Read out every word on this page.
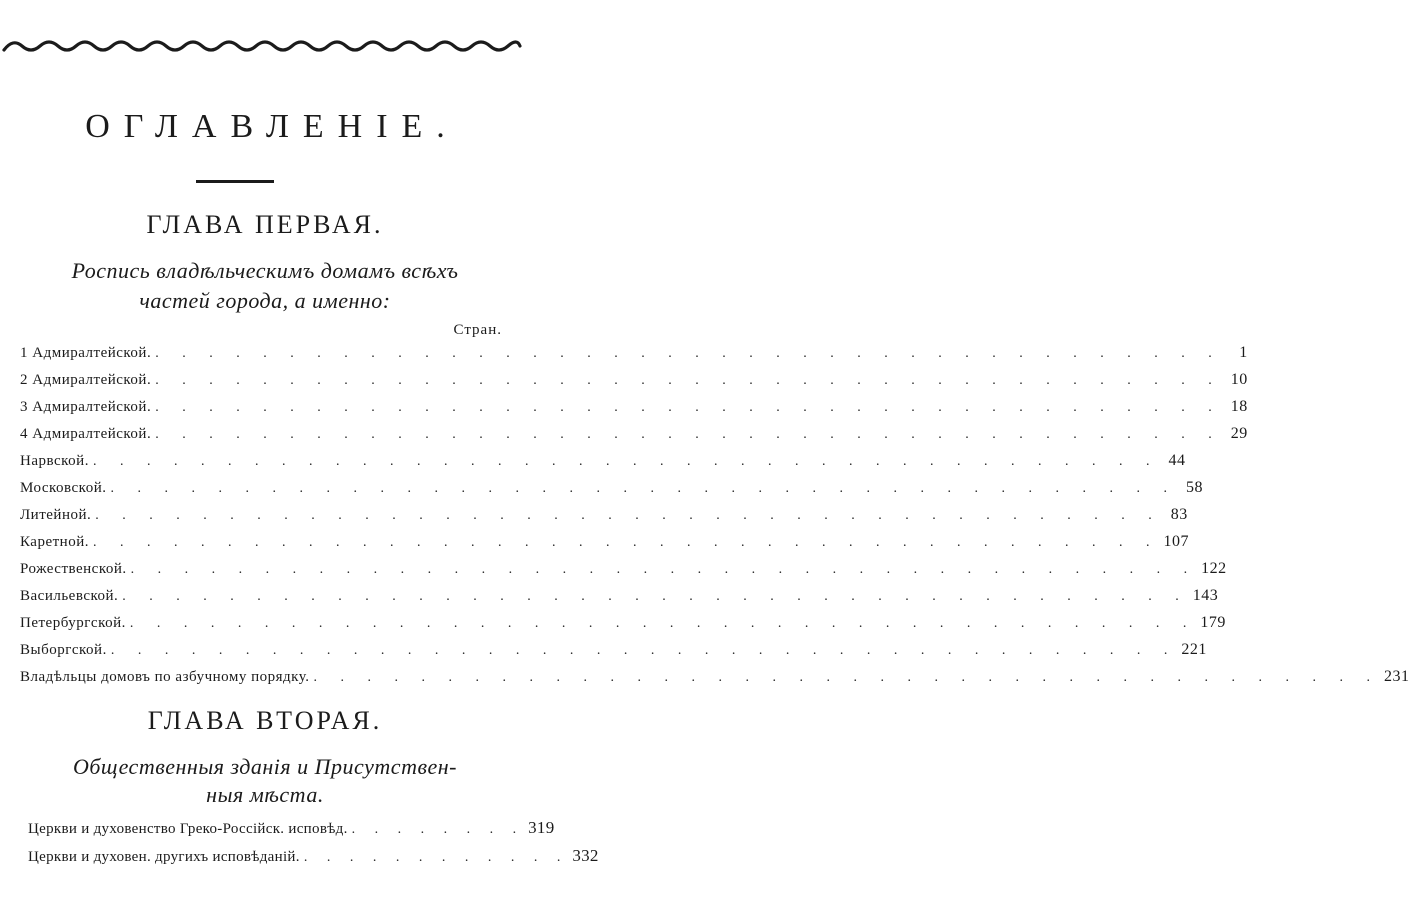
ОГЛАВЛЕНІЕ.
ГЛАВА ПЕРВАЯ.
Роспись владѣльческимъ домамъ всѣхъ
частей города, а именно:
Стран.
1 Адмиралтейской. . . . . . . . . . . . . . . . . . . . . . . . . . . . . . . . . . . . . . . . .	1
2 Адмиралтейской. . . . . . . . . . . . . . . . . . . . . . . . . . . . . . . . . . . . . . . . . 10
3 Адмиралтейской. . . . . . . . . . . . . . . . . . . . . . . . . . . . . . . . . . . . . . . . . 18
4 Адмиралтейской. . . . . . . . . . . . . . . . . . . . . . . . . . . . . . . . . . . . . . . . . 29
Нарвской. . . . . . . . . . . . . . . . . . . . . . . . . . . . . . . . . . . . . . . . . 44
Московской. . . . . . . . . . . . . . . . . . . . . . . . . . . . . . . . . . . . . . . . . 58
Литейной. . . . . . . . . . . . . . . . . . . . . . . . . . . . . . . . . . . . . . . . . 83
Каретной. . . . . . . . . . . . . . . . . . . . . . . . . . . . . . . . . . . . . . . . . 107
Рожественской. . . . . . . . . . . . . . . . . . . . . . . . . . . . . . . . . . . . . . . . . 122
Васильевской. . . . . . . . . . . . . . . . . . . . . . . . . . . . . . . . . . . . . . . . . 143
Петербургской. . . . . . . . . . . . . . . . . . . . . . . . . . . . . . . . . . . . . . . . . 179
Выборгской. . . . . . . . . . . . . . . . . . . . . . . . . . . . . . . . . . . . . . . . . 221
Владѣльцы домовъ по азбучному порядку. . . . . . . . . . . . . . . . . . . . . . . . . . . . . . . . . . . . . . . . . 231
ГЛАВА ВТОРАЯ.
Общественныя зданія и Присутствен-
ныя мѣста.
Церкви и духовенство Греко-Россійск. исповѣд. . . . . . . . . 319
Церкви и духовен. другихъ исповѣданій. . . . . . . . . . . . . 332
